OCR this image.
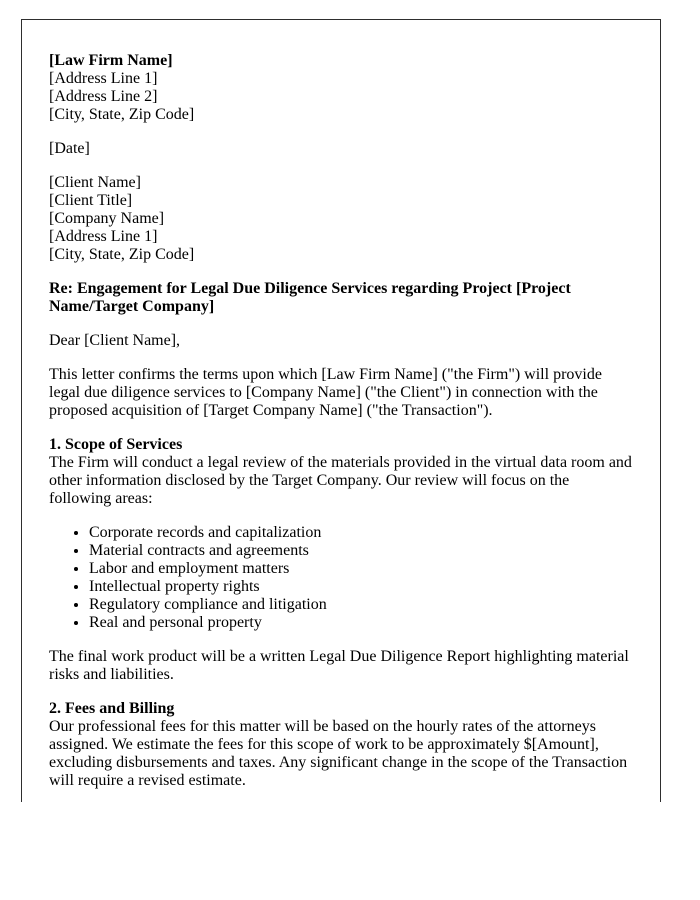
[Law Firm Name]
[Address Line 1]
[Address Line 2]
[City, State, Zip Code]

[Date]

[Client Name]
[Client Title]
[Company Name]
[Address Line 1]
[City, State, Zip Code]

Re: Engagement for Legal Due Diligence Services regarding Project [Project Name/Target Company]

Dear [Client Name],

This letter confirms the terms upon which [Law Firm Name] ("the Firm") will provide legal due diligence services to [Company Name] ("the Client") in connection with the proposed acquisition of [Target Company Name] ("the Transaction").

1. Scope of Services
The Firm will conduct a legal review of the materials provided in the virtual data room and other information disclosed by the Target Company. Our review will focus on the following areas:

• Corporate records and capitalization
• Material contracts and agreements
• Labor and employment matters
• Intellectual property rights
• Regulatory compliance and litigation
• Real and personal property

The final work product will be a written Legal Due Diligence Report highlighting material risks and liabilities.

2. Fees and Billing
Our professional fees for this matter will be based on the hourly rates of the attorneys assigned. We estimate the fees for this scope of work to be approximately $[Amount], excluding disbursements and taxes. Any significant change in the scope of the Transaction will require a revised estimate.
